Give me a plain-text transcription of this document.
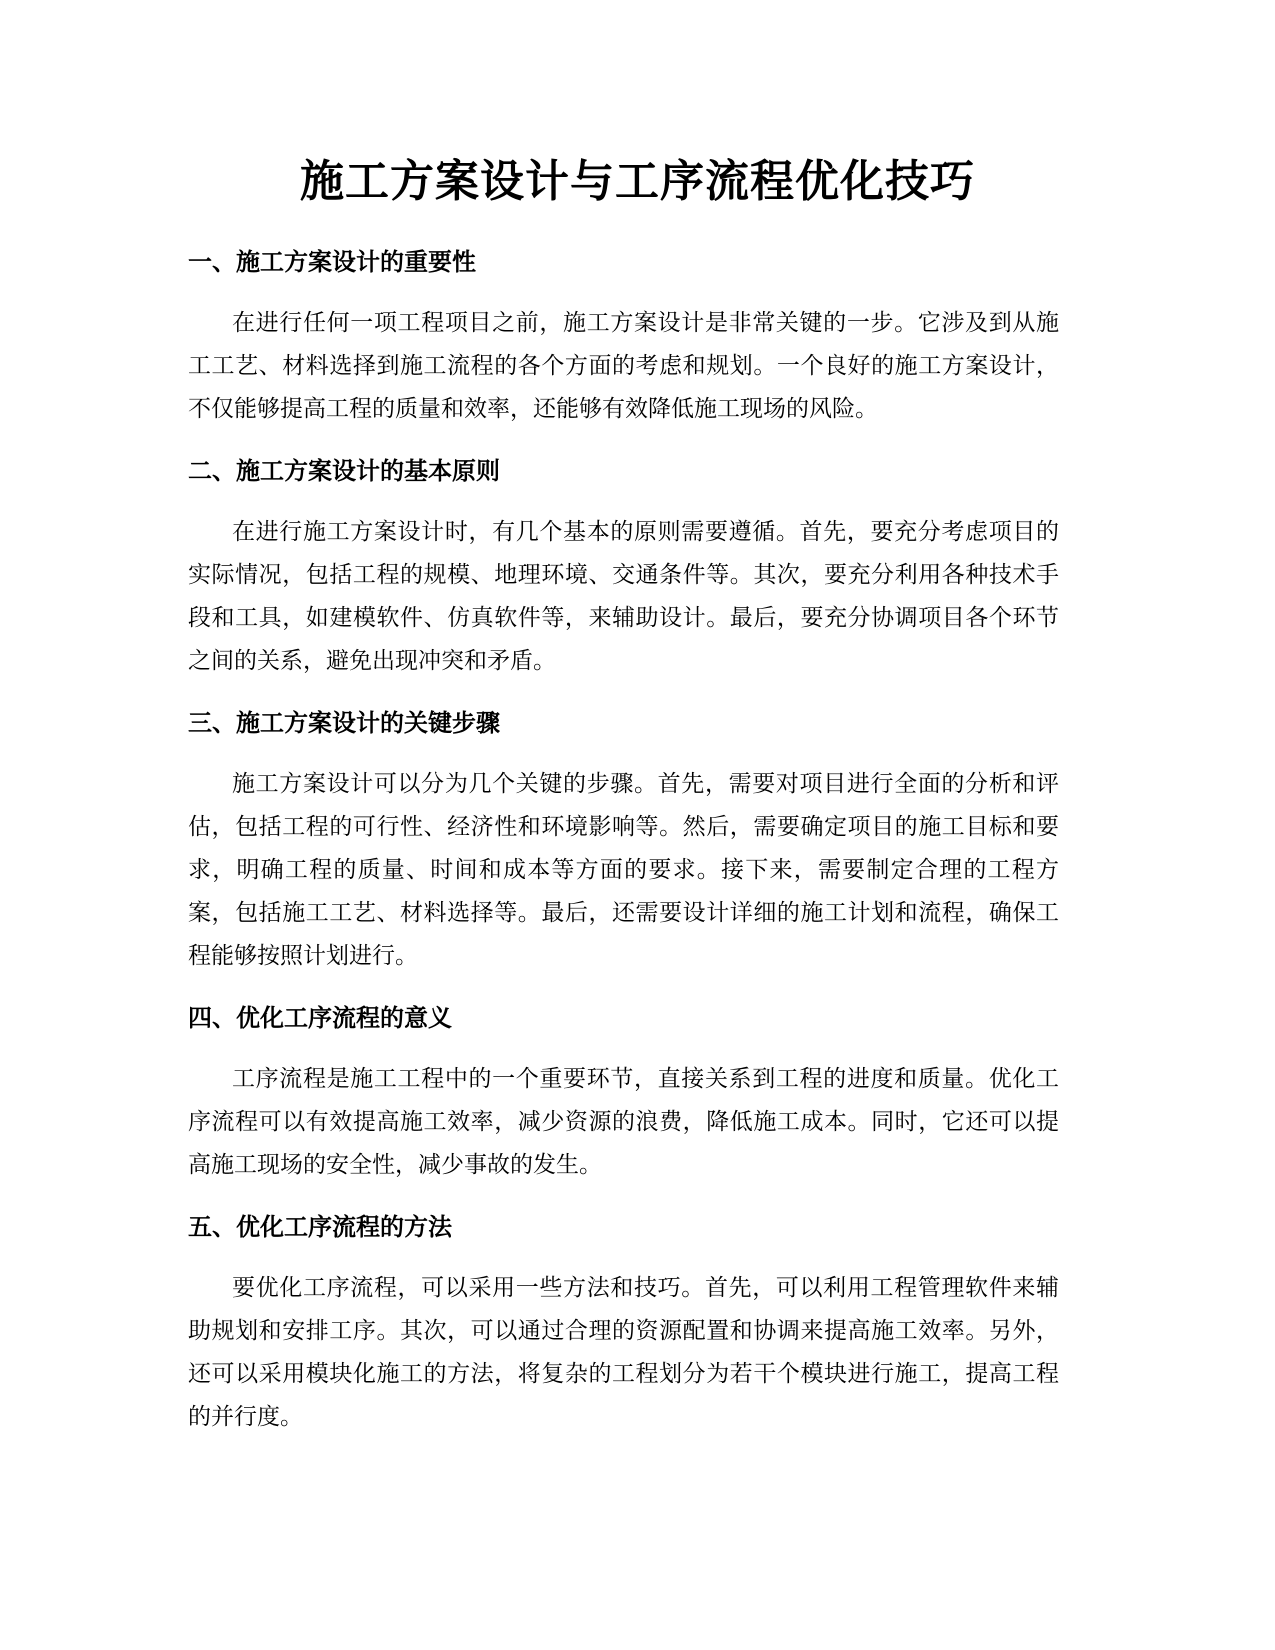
施工方案设计与工序流程优化技巧
一、施工方案设计的重要性

在进行任何一项工程项目之前，施工方案设计是非常关键的一步。它涉及到从施工工艺、材料选择到施工流程的各个方面的考虑和规划。一个良好的施工方案设计，不仅能够提高工程的质量和效率，还能够有效降低施工现场的风险。

二、施工方案设计的基本原则

在进行施工方案设计时，有几个基本的原则需要遵循。首先，要充分考虑项目的实际情况，包括工程的规模、地理环境、交通条件等。其次，要充分利用各种技术手段和工具，如建模软件、仿真软件等，来辅助设计。最后，要充分协调项目各个环节之间的关系，避免出现冲突和矛盾。

三、施工方案设计的关键步骤

施工方案设计可以分为几个关键的步骤。首先，需要对项目进行全面的分析和评估，包括工程的可行性、经济性和环境影响等。然后，需要确定项目的施工目标和要求，明确工程的质量、时间和成本等方面的要求。接下来，需要制定合理的工程方案，包括施工工艺、材料选择等。最后，还需要设计详细的施工计划和流程，确保工程能够按照计划进行。

四、优化工序流程的意义

工序流程是施工工程中的一个重要环节，直接关系到工程的进度和质量。优化工序流程可以有效提高施工效率，减少资源的浪费，降低施工成本。同时，它还可以提高施工现场的安全性，减少事故的发生。

五、优化工序流程的方法

要优化工序流程，可以采用一些方法和技巧。首先，可以利用工程管理软件来辅助规划和安排工序。其次，可以通过合理的资源配置和协调来提高施工效率。另外，还可以采用模块化施工的方法，将复杂的工程划分为若干个模块进行施工，提高工程的并行度。
